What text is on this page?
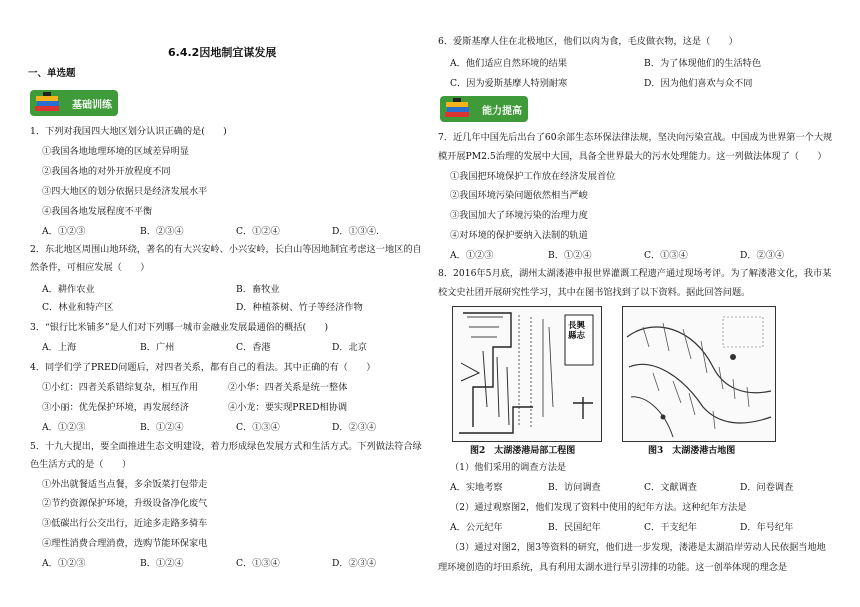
6.4.2因地制宜谋发展
一、单选题
基础训练
1．下列对我国四大地区划分认识正确的是(　　)
①我国各地地理环境的区域差异明显
②我国各地的对外开放程度不同
③四大地区的划分依据只是经济发展水平
④我国各地发展程度不平衡
A．①②③	B．②③④	C．①②④	D．①③④.
2．东北地区周围山地环绕，著名的有大兴安岭、小兴安岭，长白山等因地制宜考虑这一地区的自
然条件，可相应发展（　　）
A．耕作农业	B．畜牧业
C．林业和特产区	D．种植茶树、竹子等经济作物
3．“银行比米铺多”是人们对下列哪一城市金融业发展最通俗的概括(　　)
A．上海	B．广州	C．香港	D．北京
4．同学们学了PRED问题后，对四者关系，都有自己的看法。其中正确的有（　　）
①小红：四者关系错综复杂，相互作用	②小华：四者关系是统一整体
③小丽：优先保护环境，再发展经济	④小龙：要实现PRED相协调
A．①②③	B．①②④	C．①③④	D．②③④
5．十九大提出，要全面推进生态文明建设，着力形成绿色发展方式和生活方式。下列做法符合绿
色生活方式的是（　　）
①外出就餐适当点餐，多余饭菜打包带走
②节约资源保护环境，升级设备净化废气
③低碳出行公交出行，近途多走路多骑车
④理性消费合理消费，选购节能环保家电
A．①②③	B．①②④	C．①③④	D．②③④
6．爱斯基摩人住在北极地区，他们以肉为食，毛皮做衣物，这是（　　）
A．他们适应自然环境的结果	B．为了体现他们的生活特色
C．因为爱斯基摩人特别耐寒	D．因为他们喜欢与众不同
能力提高
7．近几年中国先后出台了60余部生态环保法律法规，坚决向污染宣战。中国成为世界第一个大规
模开展PM2.5治理的发展中大国，具备全世界最大的污水处理能力。这一列做法体现了（　　）
①我国把环境保护工作放在经济发展首位
②我国环境污染问题依然相当严峻
③我国加大了环境污染的治理力度
④对环境的保护要纳入法制的轨道
A．①②③	B．①②④	C．①③④	D．②③④
8．2016年5月底，湖州太湖溇港申报世界灌溉工程遗产通过现场考评。为了解溇港文化，我市某
校文史社团开展研究性学习，其中在图书馆找到了以下资料。据此回答问题。
長興縣志
图2　太湖溇港局部工程图	图3　太湖溇港古地图
（1）他们采用的调查方法是
A．实地考察	B．访问调查	C．文献调查	D．问卷调查
（2）通过观察图2，他们发现了资料中使用的纪年方法。这种纪年方法是
A．公元纪年	B．民国纪年	C．干支纪年	D．年号纪年
（3）通过对图2，图3等资料的研究，他们进一步发现，溇港是太湖沿岸劳动人民依据当地地
理环境创造的圩田系统，具有利用太湖水进行旱引涝排的功能。这一创举体现的理念是
